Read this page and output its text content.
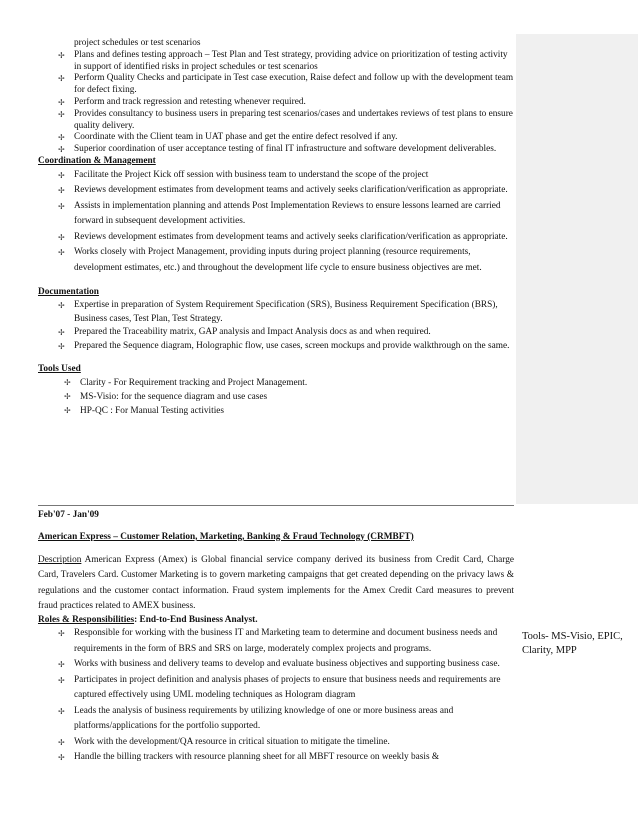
project schedules or test scenarios

✢ Plans and defines testing approach – Test Plan and Test strategy, providing advice on prioritization of testing activity in support of identified risks in project schedules or test scenarios
✢ Perform Quality Checks and participate in Test case execution, Raise defect and follow up with the development team for defect fixing.
✢ Perform and track regression and retesting whenever required.
✢ Provides consultancy to business users in preparing test scenarios/cases and undertakes reviews of test plans to ensure quality delivery.
✢ Coordinate with the Client team in UAT phase and get the entire defect resolved if any.
✢ Superior coordination of user acceptance testing of final IT infrastructure and software development deliverables.

Coordination & Management

✢ Facilitate the Project Kick off session with business team to understand the scope of the project
✢ Reviews development estimates from development teams and actively seeks clarification/verification as appropriate.
✢ Assists in implementation planning and attends Post Implementation Reviews to ensure lessons learned are carried forward in subsequent development activities.
✢ Reviews development estimates from development teams and actively seeks clarification/verification as appropriate.
✢ Works closely with Project Management, providing inputs during project planning (resource requirements, development estimates, etc.) and throughout the development life cycle to ensure business objectives are met.

Documentation

✢ Expertise in preparation of System Requirement Specification (SRS), Business Requirement Specification (BRS), Business cases, Test Plan, Test Strategy.
✢ Prepared the Traceability matrix, GAP analysis and Impact Analysis docs as and when required.
✢ Prepared the Sequence diagram, Holographic flow, use cases, screen mockups and provide walkthrough on the same.

Tools Used

✢ Clarity - For Requirement tracking and Project Management.
✢ MS-Visio: for the sequence diagram and use cases
✢ HP-QC : For Manual Testing activities

Feb'07 - Jan'09

American Express – Customer Relation, Marketing, Banking & Fraud Technology (CRMBFT)

Description American Express (Amex) is Global financial service company derived its business from Credit Card, Charge Card, Travelers Card. Customer Marketing is to govern marketing campaigns that get created depending on the privacy laws & regulations and the customer contact information. Fraud system implements for the Amex Credit Card measures to prevent fraud practices related to AMEX business.

Roles & Responsibilities: End-to-End Business Analyst.

✢ Responsible for working with the business IT and Marketing team to determine and document business needs and requirements in the form of BRS and SRS on large, moderately complex projects and programs.
✢ Works with business and delivery teams to develop and evaluate business objectives and supporting business case.
✢ Participates in project definition and analysis phases of projects to ensure that business needs and requirements are captured effectively using UML modeling techniques as Hologram diagram
✢ Leads the analysis of business requirements by utilizing knowledge of one or more business areas and platforms/applications for the portfolio supported.
✢ Work with the development/QA resource in critical situation to mitigate the timeline.
✢ Handle the billing trackers with resource planning sheet for all MBFT resource on weekly basis &
Tools- MS-Visio, EPIC, Clarity, MPP
